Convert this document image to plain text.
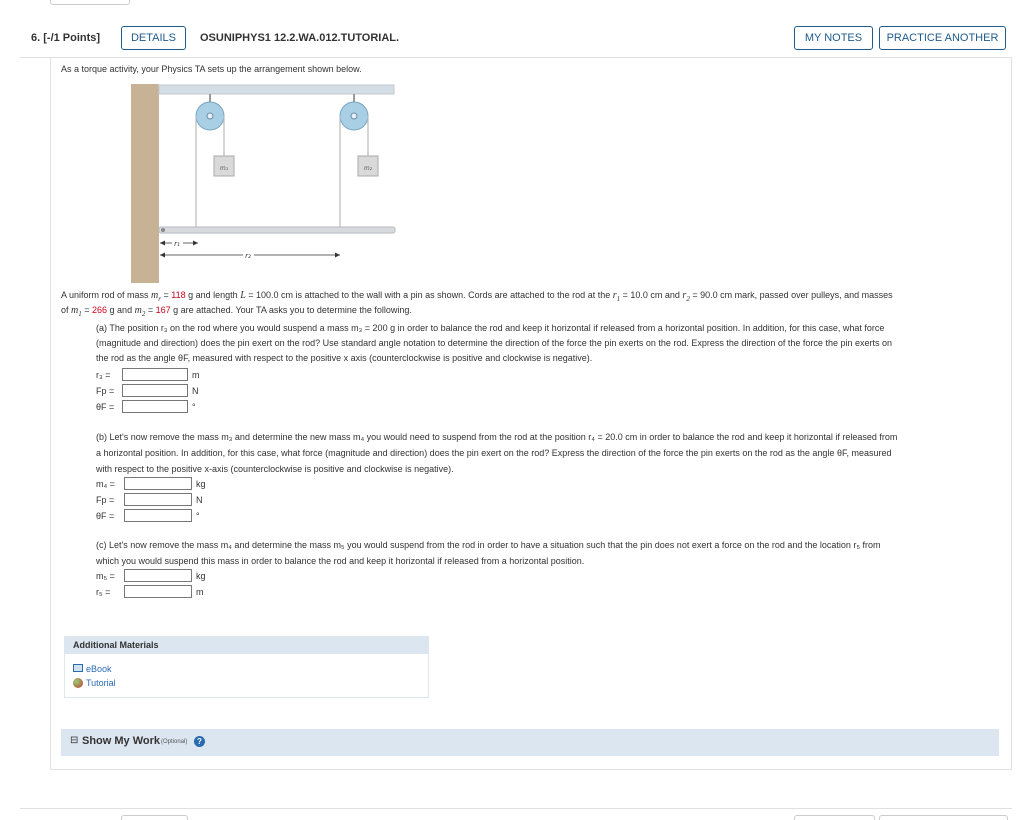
6. [-/1 Points]	DETAILS	OSUNIPHYS1 12.2.WA.012.TUTORIAL.	MY NOTES	PRACTICE ANOTHER
As a torque activity, your Physics TA sets up the arrangement shown below.
m₁	m₂
r₁
r₂
A uniform rod of mass $m_r = 118$ g and length L = 100.0 cm is attached to the wall with a pin as shown. Cords are attached to the rod at the $r_1 = 10.0$ cm and $r_2 = 90.0$ cm mark, passed over pulleys, and masses
of $m_1 = 266$ g and $m_2 = 167$ g are attached. Your TA asks you to determine the following.
(a) The position r₃ on the rod where you would suspend a mass m₃ = 200 g in order to balance the rod and keep it horizontal if released from a horizontal position. In addition, for this case, what force
(magnitude and direction) does the pin exert on the rod? Use standard angle notation to determine the direction of the force the pin exerts on the rod. Express the direction of the force the pin exerts on
the rod as the angle θF, measured with respect to the positive x axis (counterclockwise is positive and clockwise is negative).
r₃ =	m
Fp =	N
θF =	°
(b) Let's now remove the mass m₃ and determine the new mass m₄ you would need to suspend from the rod at the position r₄ = 20.0 cm in order to balance the rod and keep it horizontal if released from
a horizontal position. In addition, for this case, what force (magnitude and direction) does the pin exert on the rod? Express the direction of the force the pin exerts on the rod as the angle θF, measured
with respect to the positive x-axis (counterclockwise is positive and clockwise is negative).
m₄ =	kg
Fp =	N
θF =	°
(c) Let's now remove the mass m₄ and determine the mass m₅ you would suspend from the rod in order to have a situation such that the pin does not exert a force on the rod and the location r₅ from
which you would suspend this mass in order to balance the rod and keep it horizontal if released from a horizontal position.
m₅ =	kg
r₅ =	m
Additional Materials
eBook
Tutorial
⊟ Show My Work (Optional)	?
